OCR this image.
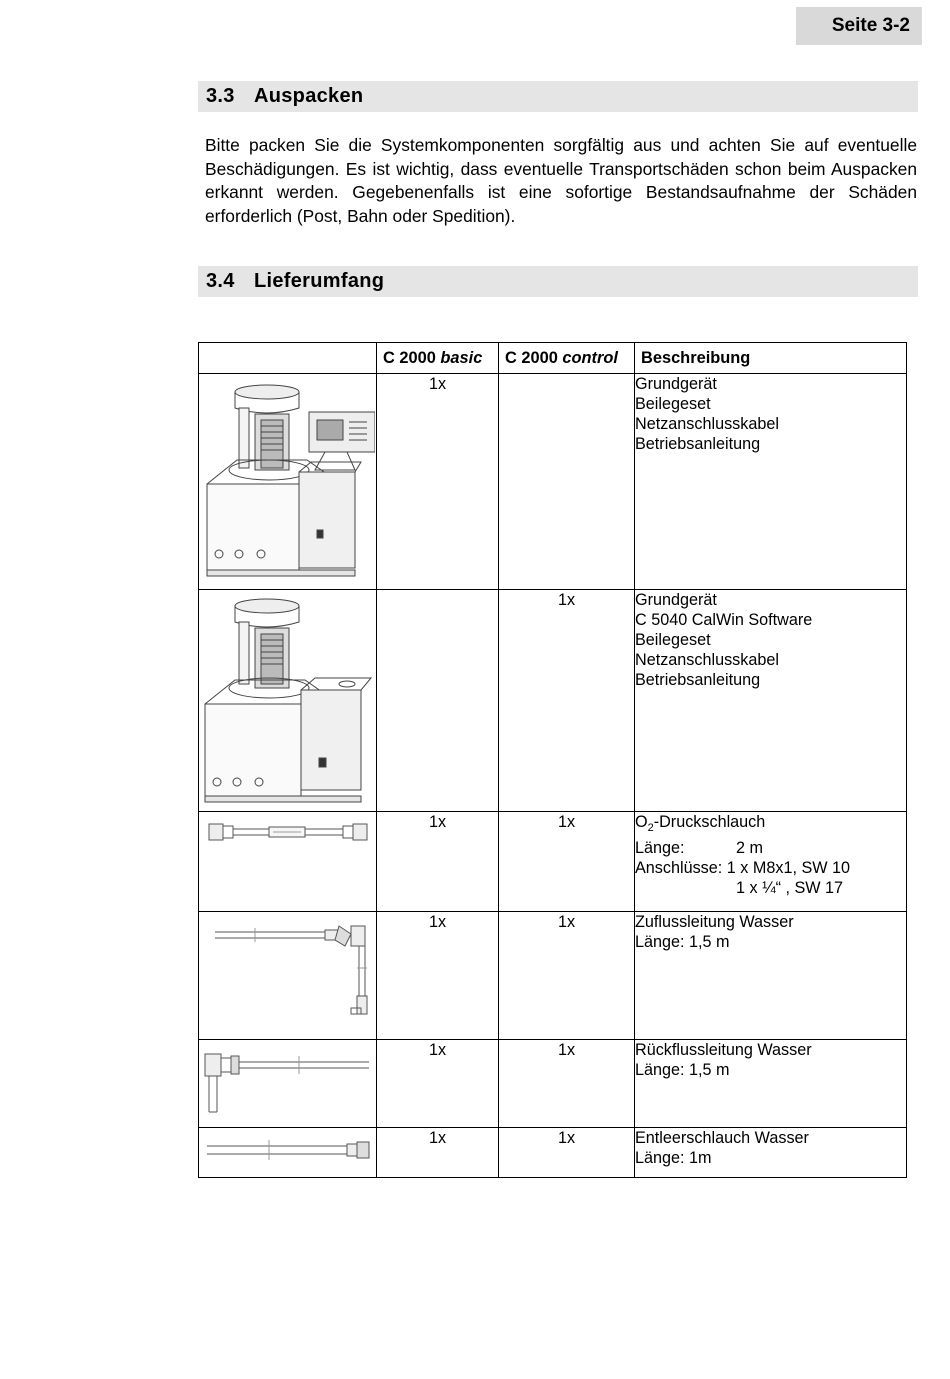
Seite 3-2
3.3 Auspacken

Bitte packen Sie die Systemkomponenten sorgfältig aus und achten Sie auf eventuelle Beschädigungen. Es ist wichtig, dass eventuelle Transportschäden schon beim Auspacken erkannt werden. Gegebenenfalls ist eine sofortige Bestandsaufnahme der Schäden erforderlich (Post, Bahn oder Spedition).

3.4 Lieferumfang
	C 2000 basic	C 2000 control	Beschreibung

	1x		Grundgerät
Beilegeset
Netzanschlusskabel
Betriebsanleitung

		1x	Grundgerät
C 5040 CalWin Software
Beilegeset
Netzanschlusskabel
Betriebsanleitung

	1x	1x	$O_2$-Druckschlauch
Länge: 2 m
Anschlüsse: 1 x M8x1, SW 10
1 x ¼“ , SW 17

	1x	1x	Zuflussleitung Wasser
Länge: 1,5 m

	1x	1x	Rückflussleitung Wasser
Länge: 1,5 m

	1x	1x	Entleerschlauch Wasser
Länge: 1m
